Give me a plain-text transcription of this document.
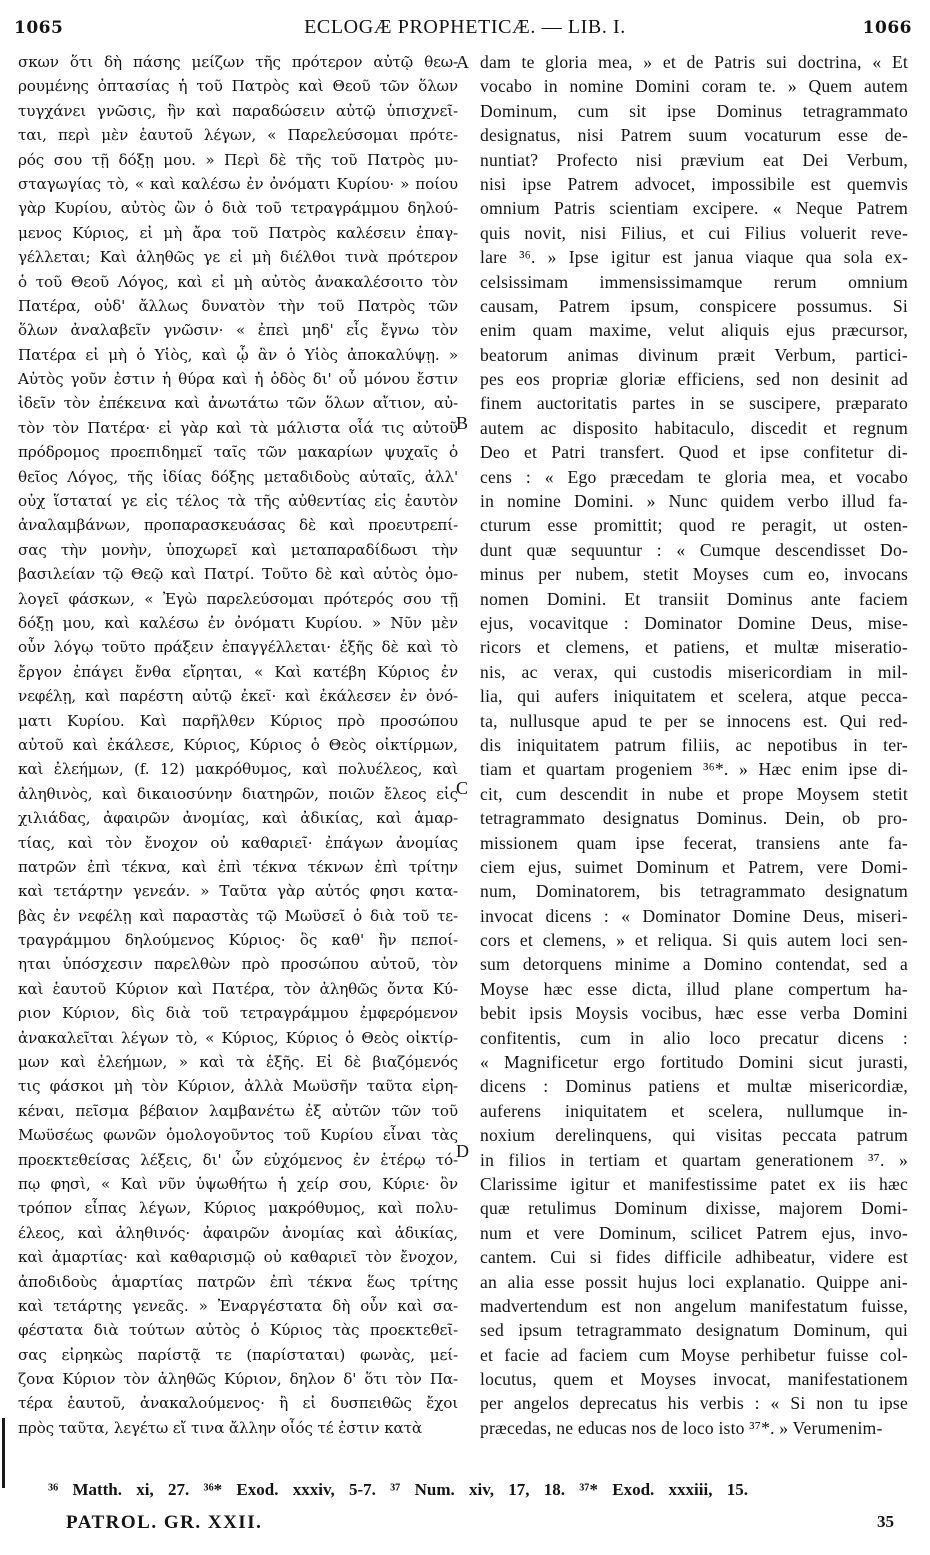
1065	ECLOGÆ PROPHETICÆ. — LIB. I.	1066
σκων ὅτι δὴ πάσης μείζων τῆς πρότερον αὐτῷ θεω-
ρουμένης ὀπτασίας ἡ τοῦ Πατρὸς καὶ Θεοῦ τῶν ὅλων
τυγχάνει γνῶσις, ἣν καὶ παραδώσειν αὐτῷ ὑπισχνεῖ-
ται, περὶ μὲν ἑαυτοῦ λέγων, « Παρελεύσομαι πρότε-
ρός σου τῇ δόξῃ μου. » Περὶ δὲ τῆς τοῦ Πατρὸς μυ-
σταγωγίας τὸ, « καὶ καλέσω ἐν ὀνόματι Κυρίου· » ποίου
γὰρ Κυρίου, αὐτὸς ὢν ὁ διὰ τοῦ τετραγράμμου δηλού-
μενος Κύριος, εἰ μὴ ἄρα τοῦ Πατρὸς καλέσειν ἐπαγ-
γέλλεται; Καὶ ἀληθῶς γε εἰ μὴ διέλθοι τινὰ πρότερον
ὁ τοῦ Θεοῦ Λόγος, καὶ εἰ μὴ αὐτὸς ἀνακαλέσοιτο τὸν
Πατέρα, οὐδ' ἄλλως δυνατὸν τὴν τοῦ Πατρὸς τῶν
ὅλων ἀναλαβεῖν γνῶσιν· « ἐπεὶ μηδ' εἷς ἔγνω τὸν
Πατέρα εἰ μὴ ὁ Υἱὸς, καὶ ᾧ ἂν ὁ Υἱὸς ἀποκαλύψῃ. »
Αὐτὸς γοῦν ἐστιν ἡ θύρα καὶ ἡ ὁδὸς δι' οὗ μόνου ἔστιν
ἰδεῖν τὸν ἐπέκεινα καὶ ἀνωτάτω τῶν ὅλων αἴτιον, αὐ-
τὸν τὸν Πατέρα· εἰ γὰρ καὶ τὰ μάλιστα οἷά τις αὐτοῦ
πρόδρομος προεπιδημεῖ ταῖς τῶν μακαρίων ψυχαῖς ὁ
θεῖος Λόγος, τῆς ἰδίας δόξης μεταδιδοὺς αὐταῖς, ἀλλ'
οὐχ ἵσταταί γε εἰς τέλος τὰ τῆς αὐθεντίας εἰς ἑαυτὸν
ἀναλαμβάνων, προπαρασκευάσας δὲ καὶ προευτρεπί-
σας τὴν μονὴν, ὑποχωρεῖ καὶ μεταπαραδίδωσι τὴν
βασιλείαν τῷ Θεῷ καὶ Πατρί. Τοῦτο δὲ καὶ αὐτὸς ὁμο-
λογεῖ φάσκων, « Ἐγὼ παρελεύσομαι πρότερός σου τῇ
δόξῃ μου, καὶ καλέσω ἐν ὀνόματι Κυρίου. » Νῦν μὲν
οὖν λόγῳ τοῦτο πράξειν ἐπαγγέλλεται· ἑξῆς δὲ καὶ τὸ
ἔργον ἐπάγει ἔνθα εἴρηται, « Καὶ κατέβη Κύριος ἐν
νεφέλῃ, καὶ παρέστη αὐτῷ ἐκεῖ· καὶ ἐκάλεσεν ἐν ὀνό-
ματι Κυρίου. Καὶ παρῆλθεν Κύριος πρὸ προσώπου
αὐτοῦ καὶ ἐκάλεσε, Κύριος, Κύριος ὁ Θεὸς οἰκτίρμων,
καὶ ἐλεήμων, (f. 12) μακρόθυμος, καὶ πολυέλεος, καὶ
ἀληθινὸς, καὶ δικαιοσύνην διατηρῶν, ποιῶν ἔλεος εἰς
χιλιάδας, ἀφαιρῶν ἀνομίας, καὶ ἀδικίας, καὶ ἁμαρ-
τίας, καὶ τὸν ἔνοχον οὐ καθαριεῖ· ἐπάγων ἀνομίας
πατρῶν ἐπὶ τέκνα, καὶ ἐπὶ τέκνα τέκνων ἐπὶ τρίτην
καὶ τετάρτην γενεάν. » Ταῦτα γὰρ αὐτός φησι κατα-
βὰς ἐν νεφέλῃ καὶ παραστὰς τῷ Μωϋσεῖ ὁ διὰ τοῦ τε-
τραγράμμου δηλούμενος Κύριος· ὃς καθ' ἣν πεποί-
ηται ὑπόσχεσιν παρελθὼν πρὸ προσώπου αὐτοῦ, τὸν
καὶ ἑαυτοῦ Κύριον καὶ Πατέρα, τὸν ἀληθῶς ὄντα Κύ-
ριον Κύριον, δὶς διὰ τοῦ τετραγράμμου ἐμφερόμενον
ἀνακαλεῖται λέγων τὸ, « Κύριος, Κύριος ὁ Θεὸς οἰκτίρ-
μων καὶ ἐλεήμων, » καὶ τὰ ἑξῆς. Εἰ δὲ βιαζόμενός
τις φάσκοι μὴ τὸν Κύριον, ἀλλὰ Μωϋσῆν ταῦτα εἰρη-
κέναι, πεῖσμα βέβαιον λαμβανέτω ἐξ αὐτῶν τῶν τοῦ
Μωϋσέως φωνῶν ὁμολογοῦντος τοῦ Κυρίου εἶναι τὰς
προεκτεθείσας λέξεις, δι' ὧν εὐχόμενος ἐν ἑτέρῳ τό-
πῳ φησὶ, « Καὶ νῦν ὑψωθήτω ἡ χείρ σου, Κύριε· ὃν
τρόπον εἶπας λέγων, Κύριος μακρόθυμος, καὶ πολυ-
έλεος, καὶ ἀληθινός· ἀφαιρῶν ἀνομίας καὶ ἀδικίας,
καὶ ἁμαρτίας· καὶ καθαρισμῷ οὐ καθαριεῖ τὸν ἔνοχον,
ἀποδιδοὺς ἁμαρτίας πατρῶν ἐπὶ τέκνα ἕως τρίτης
καὶ τετάρτης γενεᾶς. » Ἐναργέστατα δὴ οὖν καὶ σα-
φέστατα διὰ τούτων αὐτὸς ὁ Κύριος τὰς προεκτεθεῖ-
σας εἰρηκὼς παρίστᾷ τε (παρίσταται) φωνὰς, μεί-
ζονα Κύριον τὸν ἀληθῶς Κύριον, δηλον δ' ὅτι τὸν Πα-
τέρα ἑαυτοῦ, ἀνακαλούμενος· ἢ εἰ δυσπειθῶς ἔχοι
πρὸς ταῦτα, λεγέτω εἴ τινα ἄλλην οἷός τέ ἐστιν κατὰ
dam te gloria mea, » et de Patris sui doctrina, « Et
vocabo in nomine Domini coram te. » Quem autem
Dominum, cum sit ipse Dominus tetragrammato
designatus, nisi Patrem suum vocaturum esse de-
nuntiat? Profecto nisi prævium eat Dei Verbum,
nisi ipse Patrem advocet, impossibile est quemvis
omnium Patris scientiam excipere. « Neque Patrem
quis novit, nisi Filius, et cui Filius voluerit reve-
lare ³⁶. » Ipse igitur est janua viaque qua sola ex-
celsissimam immensissimamque rerum omnium
causam, Patrem ipsum, conspicere possumus. Si
enim quam maxime, velut aliquis ejus præcursor,
beatorum animas divinum præit Verbum, partici-
pes eos propriæ gloriæ efficiens, sed non desinit ad
finem auctoritatis partes in se suscipere, præparato
autem ac disposito habitaculo, discedit et regnum
Deo et Patri transfert. Quod et ipse confitetur di-
cens : « Ego præcedam te gloria mea, et vocabo
in nomine Domini. » Nunc quidem verbo illud fa-
cturum esse promittit; quod re peragit, ut osten-
dunt quæ sequuntur : « Cumque descendisset Do-
minus per nubem, stetit Moyses cum eo, invocans
nomen Domini. Et transiit Dominus ante faciem
ejus, vocavitque : Dominator Domine Deus, mise-
ricors et clemens, et patiens, et multæ miseratio-
nis, ac verax, qui custodis misericordiam in mil-
lia, qui aufers iniquitatem et scelera, atque pecca-
ta, nullusque apud te per se innocens est. Qui red-
dis iniquitatem patrum filiis, ac nepotibus in ter-
tiam et quartam progeniem ³⁶*. » Hæc enim ipse di-
cit, cum descendit in nube et prope Moysem stetit
tetragrammato designatus Dominus. Dein, ob pro-
missionem quam ipse fecerat, transiens ante fa-
ciem ejus, suimet Dominum et Patrem, vere Domi-
num, Dominatorem, bis tetragrammato designatum
invocat dicens : « Dominator Domine Deus, miseri-
cors et clemens, » et reliqua. Si quis autem loci sen-
sum detorquens minime a Domino contendat, sed a
Moyse hæc esse dicta, illud plane compertum ha-
bebit ipsis Moysis vocibus, hæc esse verba Domini
confitentis, cum in alio loco precatur dicens :
« Magnificetur ergo fortitudo Domini sicut jurasti,
dicens : Dominus patiens et multæ misericordiæ,
auferens iniquitatem et scelera, nullumque in-
noxium derelinquens, qui visitas peccata patrum
in filios in tertiam et quartam generationem ³⁷. »
Clarissime igitur et manifestissime patet ex iis hæc
quæ retulimus Dominum dixisse, majorem Domi-
num et vere Dominum, scilicet Patrem ejus, invo-
cantem. Cui si fides difficile adhibeatur, videre est
an alia esse possit hujus loci explanatio. Quippe ani-
madvertendum est non angelum manifestatum fuisse,
sed ipsum tetragrammato designatum Dominum, qui
et facie ad faciem cum Moyse perhibetur fuisse col-
locutus, quem et Moyses invocat, manifestationem
per angelos deprecatus his verbis : « Si non tu ipse
præcedas, ne educas nos de loco isto ³⁷*. » Verumenim-
A
B
C
D
³⁶ Matth. xi, 27. ³⁶* Exod. xxxiv, 5-7. ³⁷ Num. xiv, 17, 18. ³⁷* Exod. xxxiii, 15.
PATROL. GR. XXII.	35
